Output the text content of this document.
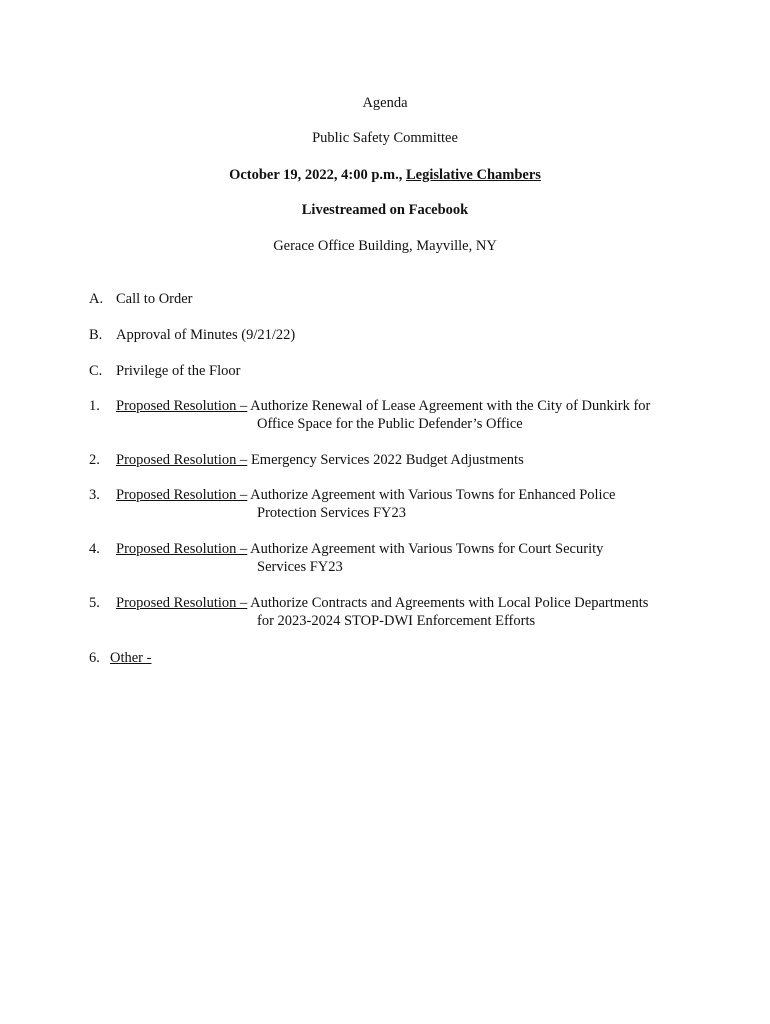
Agenda
Public Safety Committee
October 19, 2022, 4:00 p.m., Legislative Chambers
Livestreamed on Facebook
Gerace Office Building, Mayville, NY
A. Call to Order
B. Approval of Minutes (9/21/22)
C. Privilege of the Floor
1. Proposed Resolution – Authorize Renewal of Lease Agreement with the City of Dunkirk for
Office Space for the Public Defender’s Office
2. Proposed Resolution – Emergency Services 2022 Budget Adjustments
3. Proposed Resolution – Authorize Agreement with Various Towns for Enhanced Police
Protection Services FY23
4. Proposed Resolution – Authorize Agreement with Various Towns for Court Security
Services FY23
5. Proposed Resolution – Authorize Contracts and Agreements with Local Police Departments
for 2023-2024 STOP-DWI Enforcement Efforts
6. Other -
